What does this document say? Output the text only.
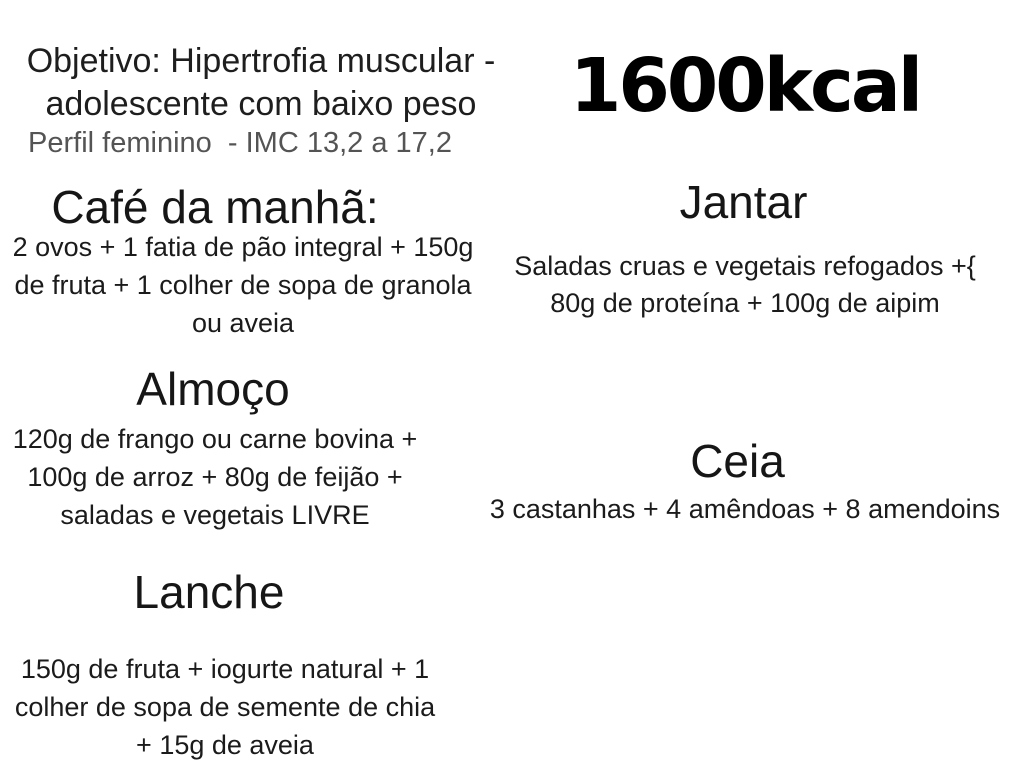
Objetivo: Hipertrofia muscular -
adolescente com baixo peso
Perfil feminino  - IMC 13,2 a 17,2
1600kcal
Café da manhã:

2 ovos + 1 fatia de pão integral + 150g
de fruta + 1 colher de sopa de granola
ou aveia

Almoço

120g de frango ou carne bovina +
100g de arroz + 80g de feijão +
saladas e vegetais LIVRE

Lanche

150g de fruta + iogurte natural + 1
colher de sopa de semente de chia
+ 15g de aveia

Jantar

Saladas cruas e vegetais refogados +{
80g de proteína + 100g de aipim

Ceia

3 castanhas + 4 amêndoas + 8 amendoins
